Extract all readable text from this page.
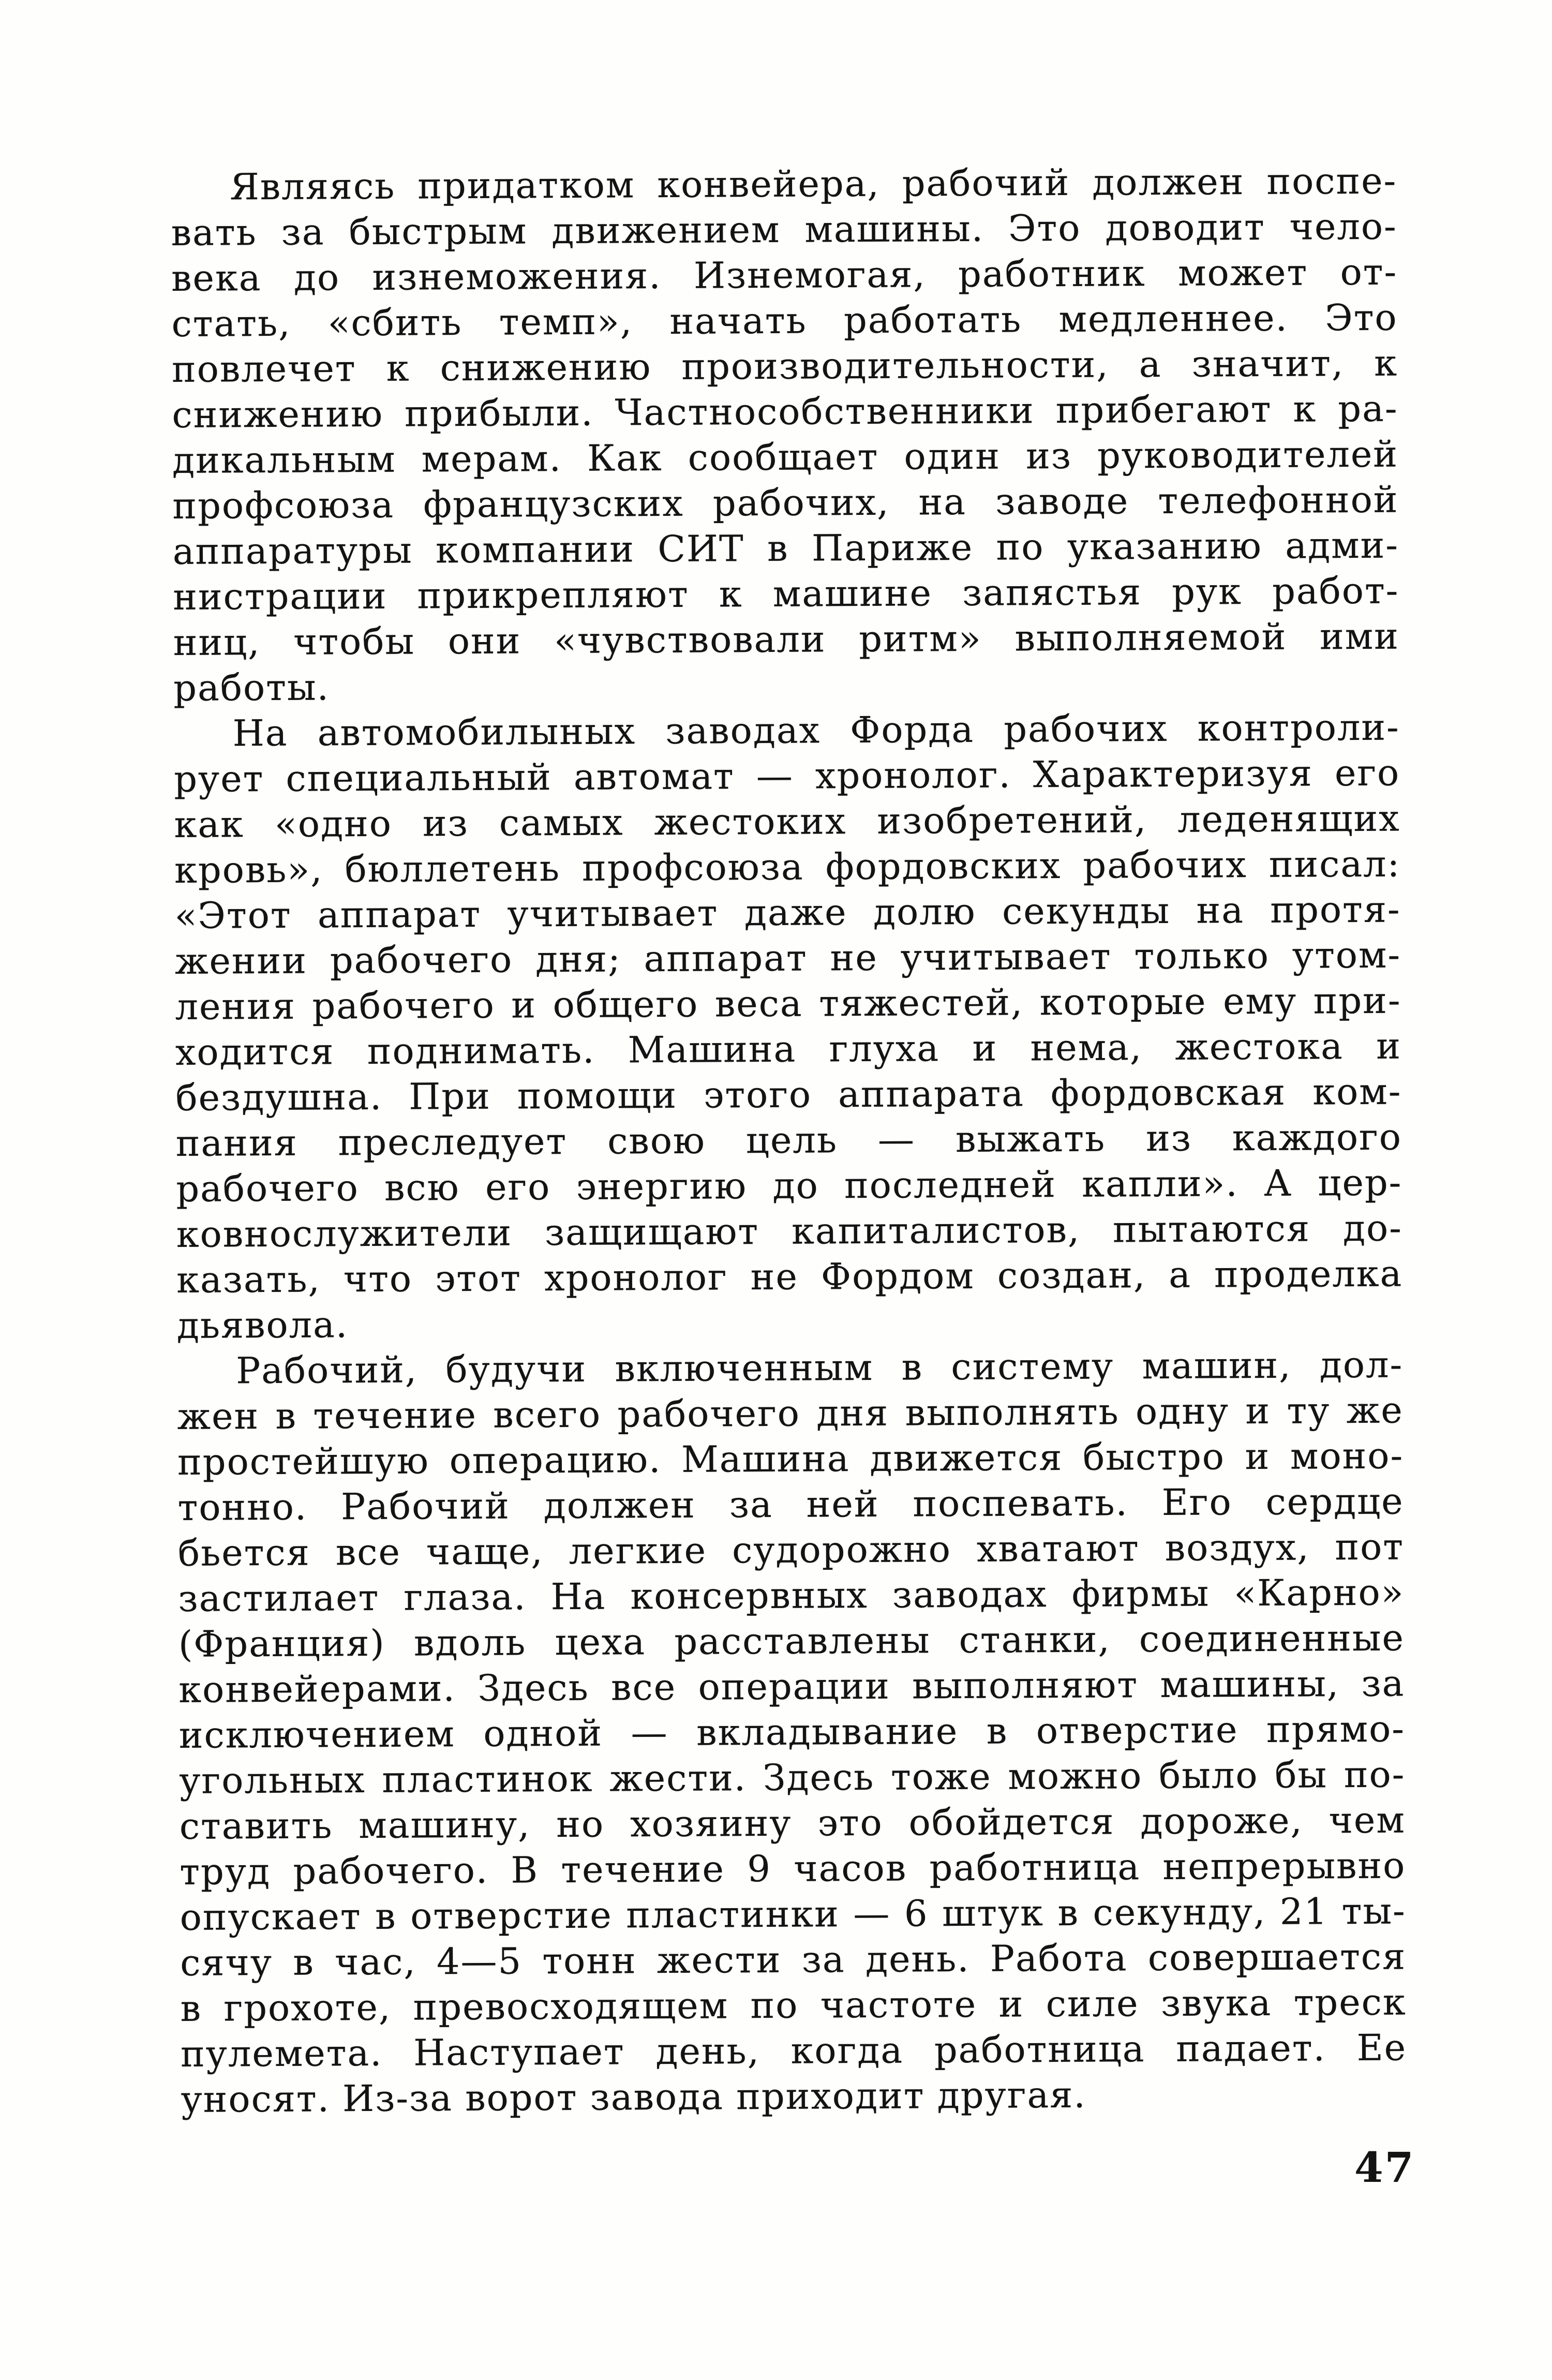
Являясь придатком конвейера, рабочий должен поспе-
вать за быстрым движением машины. Это доводит чело-
века до изнеможения. Изнемогая, работник может от-
стать, «сбить темп», начать работать медленнее. Это
повлечет к снижению производительности, а значит, к
снижению прибыли. Частнособственники прибегают к ра-
дикальным мерам. Как сообщает один из руководителей
профсоюза французских рабочих, на заводе телефонной
аппаратуры компании СИТ в Париже по указанию адми-
нистрации прикрепляют к машине запястья рук работ-
ниц, чтобы они «чувствовали ритм» выполняемой ими
работы.
На автомобилыных заводах Форда рабочих контроли-
рует специальный автомат — хронолог. Характеризуя его
как «одно из самых жестоких изобретений, леденящих
кровь», бюллетень профсоюза фордовских рабочих писал:
«Этот аппарат учитывает даже долю секунды на протя-
жении рабочего дня; аппарат не учитывает только утом-
ления рабочего и общего веса тяжестей, которые ему при-
ходится поднимать. Машина глуха и нема, жестока и
бездушна. При помощи этого аппарата фордовская ком-
пания преследует свою цель — выжать из каждого
рабочего всю его энергию до последней капли». А цер-
ковнослужители защищают капиталистов, пытаются до-
казать, что этот хронолог не Фордом создан, а проделка
дьявола.
Рабочий, будучи включенным в систему машин, дол-
жен в течение всего рабочего дня выполнять одну и ту же
простейшую операцию. Машина движется быстро и моно-
тонно. Рабочий должен за ней поспевать. Его сердце
бьется все чаще, легкие судорожно хватают воздух, пот
застилает глаза. На консервных заводах фирмы «Карно»
(Франция) вдоль цеха расставлены станки, соединенные
конвейерами. Здесь все операции выполняют машины, за
исключением одной — вкладывание в отверстие прямо-
угольных пластинок жести. Здесь тоже можно было бы по-
ставить машину, но хозяину это обойдется дороже, чем
труд рабочего. В течение 9 часов работница непрерывно
опускает в отверстие пластинки — 6 штук в секунду, 21 ты-
сячу в час, 4—5 тонн жести за день. Работа совершается
в грохоте, превосходящем по частоте и силе звука треск
пулемета. Наступает день, когда работница падает. Ее
уносят. Из-за ворот завода приходит другая.
47
